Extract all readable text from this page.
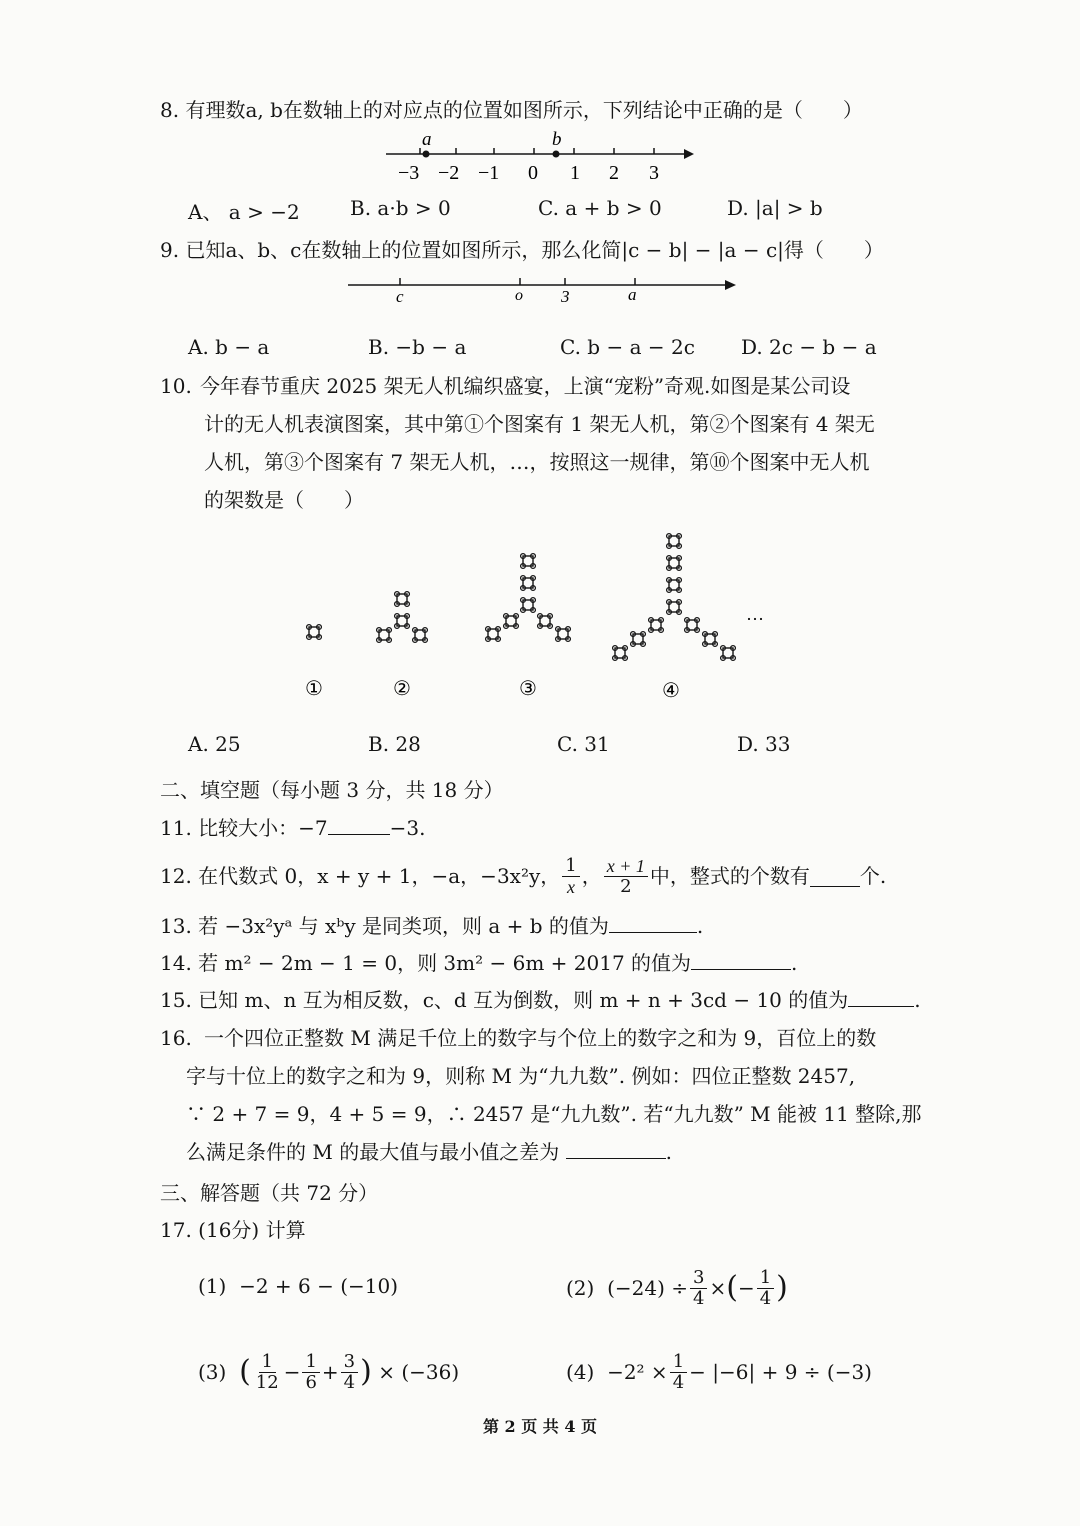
8. 有理数a, b在数轴上的对应点的位置如图所示，下列结论中正确的是（　　）
a	b
−3 −2 −1 0 1 2 3
A、 a > −2	B. a·b > 0	C. a + b > 0	D. |a| > b
9. 已知a、b、c在数轴上的位置如图所示，那么化简|c − b| − |a − c|得（　　）
c	o 3	a
A. b − a	B. −b − a	C. b − a − 2c D. 2c − b − a
10. 今年春节重庆 2025 架无人机编织盛宴，上演“宠粉”奇观.如图是某公司设
计的无人机表演图案，其中第①个图案有 1 架无人机，第②个图案有 4 架无
人机，第③个图案有 7 架无人机，…，按照这一规律，第⑩个图案中无人机
的架数是（　　）
①	②	③	④
···
A. 25	B. 28	C. 31	D. 33
二、填空题（每小题 3 分，共 18 分）
11. 比较大小：−7	−3.
12.
在代数式 0，x + y + 1，−a，−3x²y， $\frac{1}{x}$ ， $\frac{x + 1}{2}$ 中，整式的个数有	个.
13. 若 −3x²yᵃ 与 xᵇy 是同类项，则 a + b 的值为	.
14. 若 m² − 2m − 1 = 0，则 3m² − 6m + 2017 的值为	.
15. 已知 m、n 互为相反数，c、d 互为倒数，则 m + n + 3cd − 10 的值为	.
16. 一个四位正整数 M 满足千位上的数字与个位上的数字之和为 9，百位上的数
字与十位上的数字之和为 9，则称 M 为“九九数”. 例如：四位正整数 2457,
∵ 2 + 7 = 9，4 + 5 = 9，∴ 2457 是“九九数”. 若“九九数” M 能被 11 整除,那
么满足条件的 M 的最大值与最小值之差为	.
三、解答题（共 72 分）
17. (16分) 计算
(1) −2 + 6 − (−10)	(2)
$(-24) \div \frac{3}{4}$ × ( − $\frac{1}{4}$ )
(3)
( $\frac{1}{12} - \frac{1}{6} + \frac{3}{4}$ )
× (−36)	(4)
$-2^2 \times \frac{1}{4} - |-6| + 9 \div (-3)$
第 2 页 共 4 页
